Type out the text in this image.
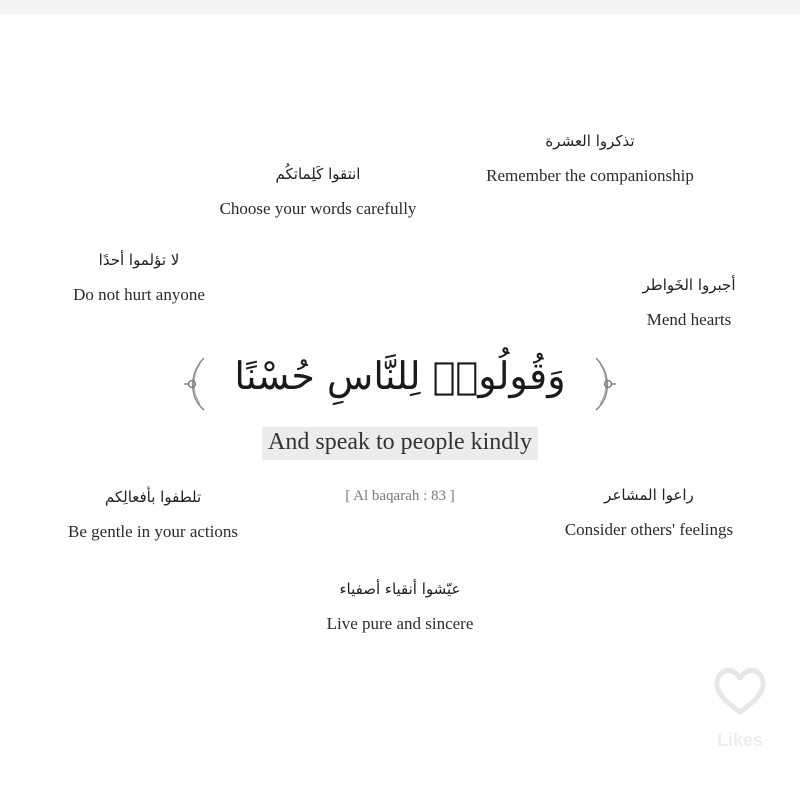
تذكروا العشرة
Remember the companionship
انتقوا كَلِماتكُم
Choose your words carefully
لا تؤلموا أحدًا
Do not hurt anyone	أجبروا الخَواطر
Mend hearts
وَقُولُوا۟ لِلنَّاسِ حُسْنًا
And speak to people kindly
[ Al baqarah : 83 ]
تلطفوا بأفعالِكم
Be gentle in your actions
راعوا المشاعر
Consider others' feelings
عيّشوا أنقياء أصفياء
Live pure and sincere
Likes
